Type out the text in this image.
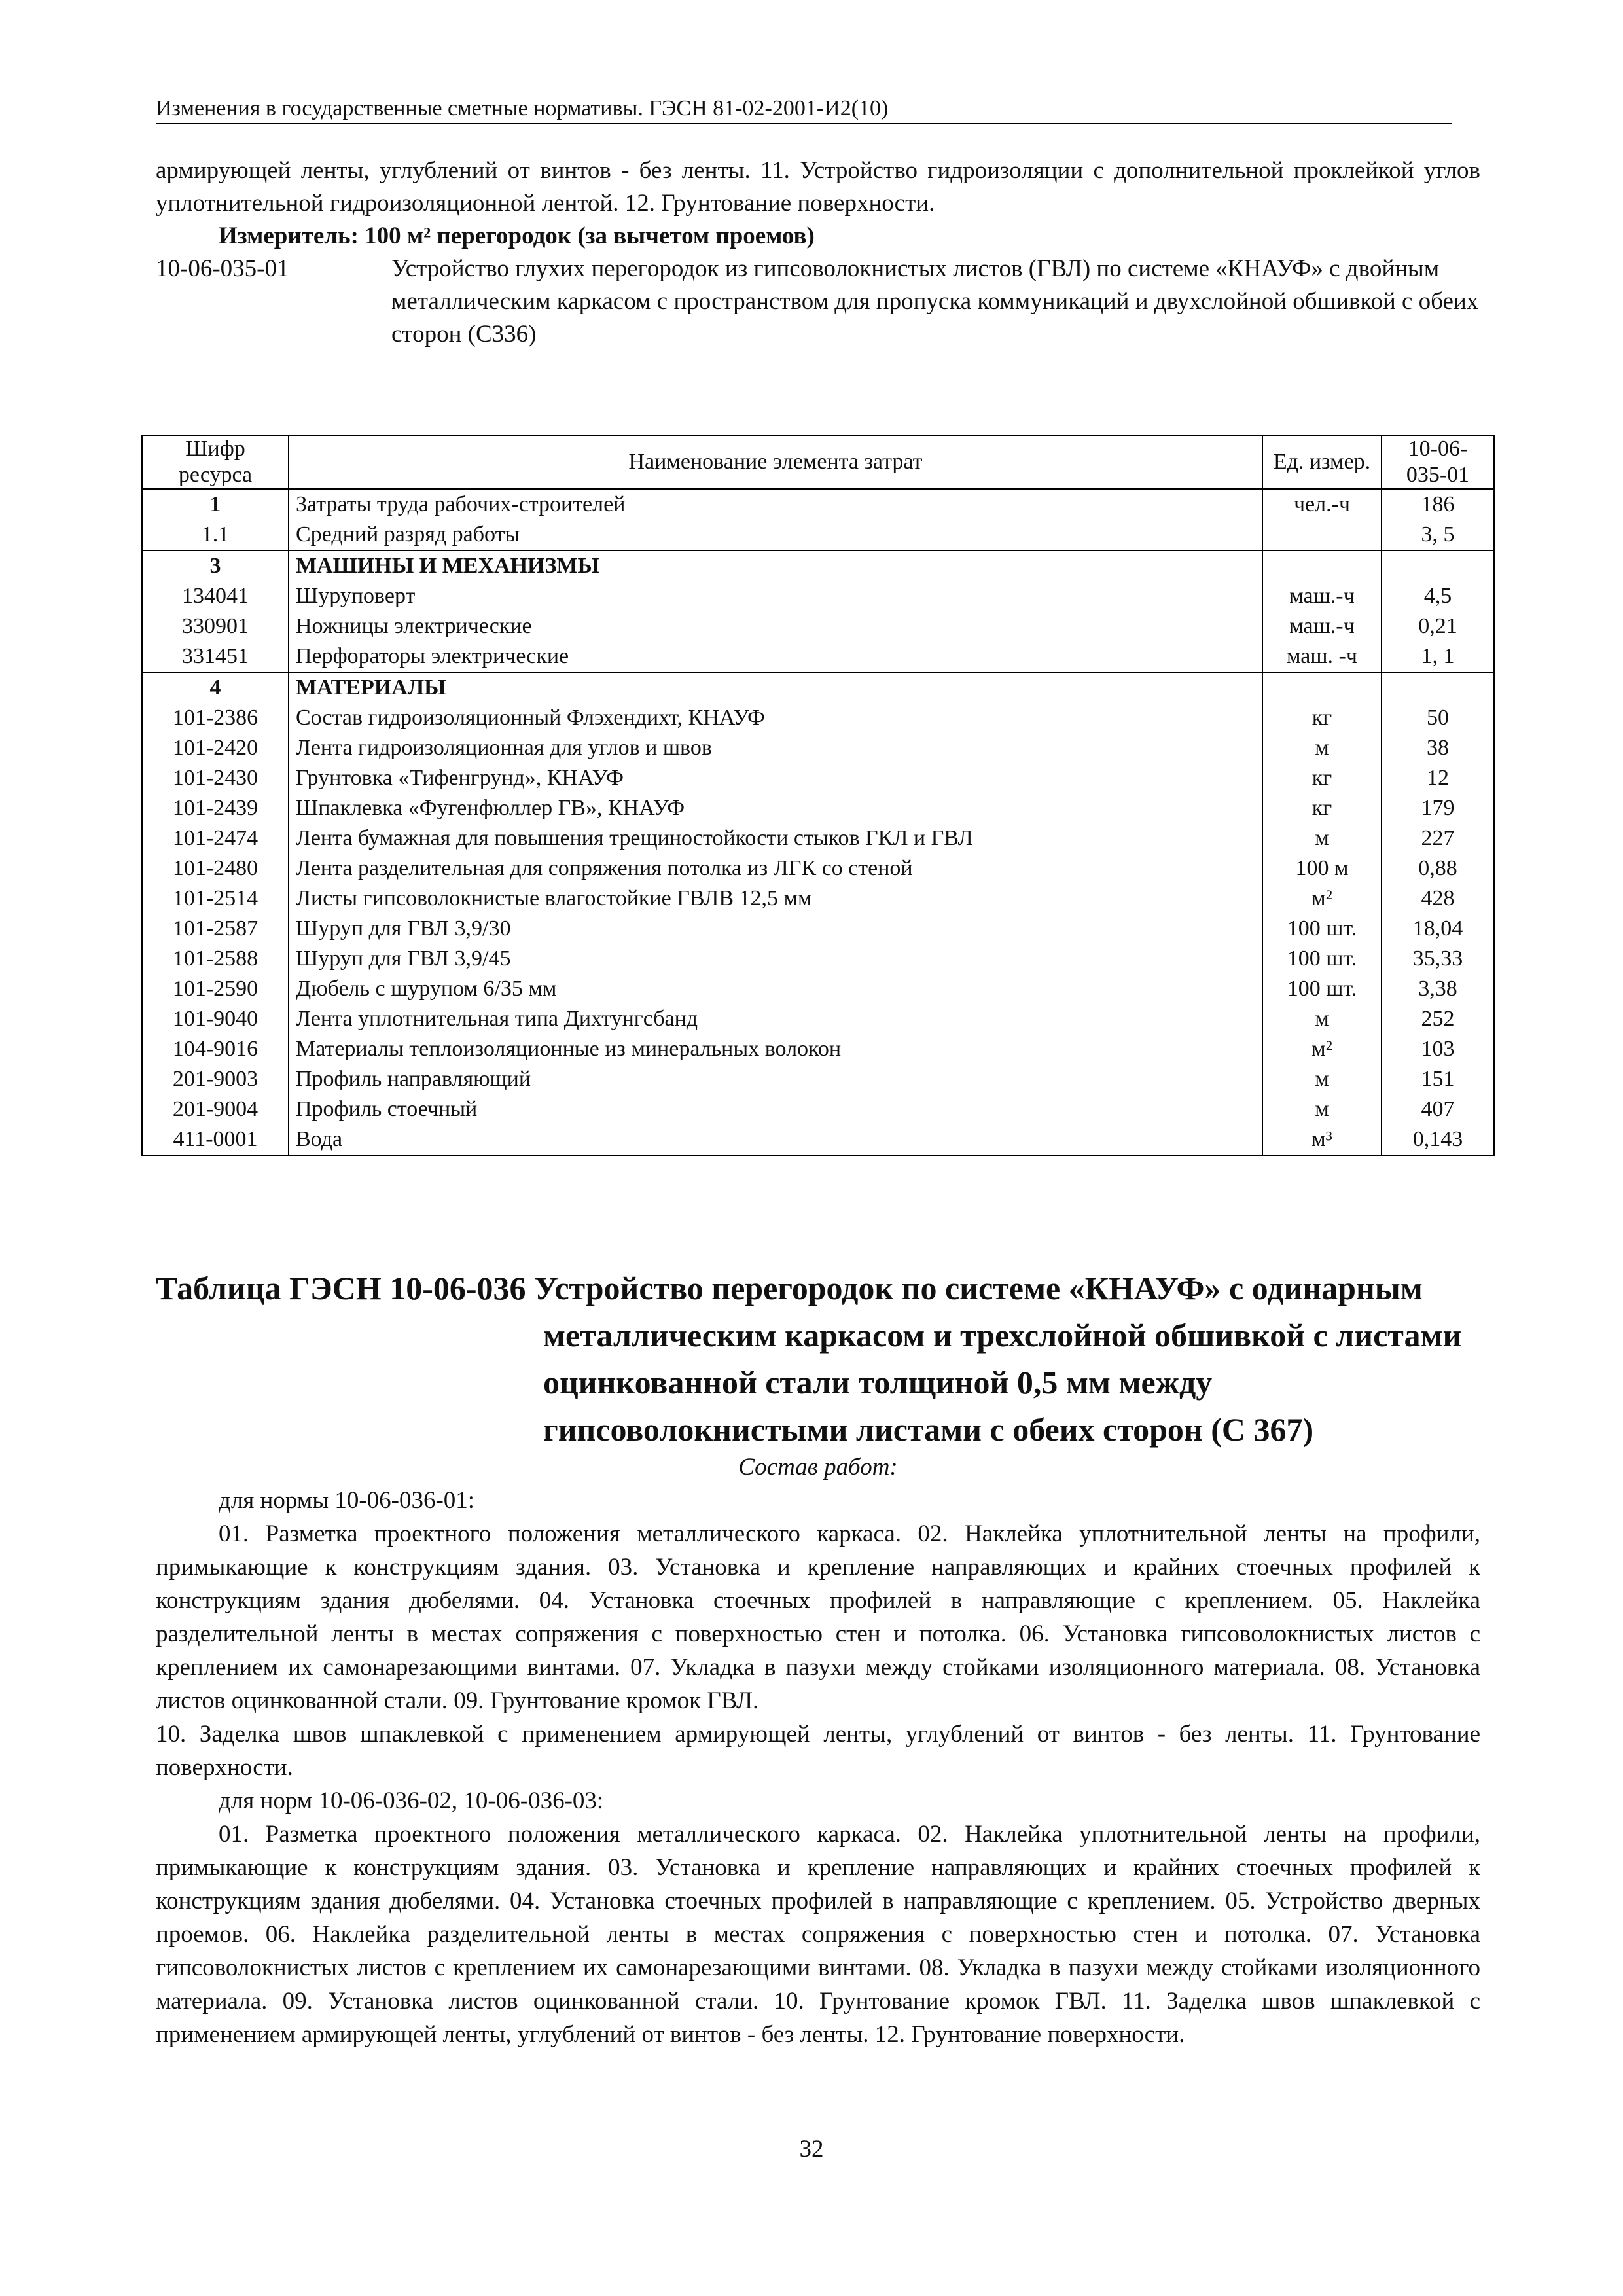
Изменения в государственные сметные нормативы. ГЭСН 81-02-2001-И2(10)

армирующей ленты, углублений от винтов - без ленты. 11. Устройство гидроизоляции с дополнительной проклейкой углов уплотнительной гидроизоляционной лентой. 12. Грунтование поверхности.

Измеритель: 100 м² перегородок (за вычетом проемов)

10-06-035-01	Устройство глухих перегородок из гипсоволокнистых листов (ГВЛ) по системе «КНАУФ» с двойным металлическим каркасом с пространством для пропуска коммуникаций и двухслойной обшивкой с обеих сторон (С336)
Шифр ресурса	Наименование элемента затрат	Ед. измер.	10-06- 035-01
1	Затраты труда рабочих-строителей	чел.-ч	186
1.1	Средний разряд работы		3, 5
3	МАШИНЫ И МЕХАНИЗМЫ		
134041	Шуруповерт	маш.-ч	4,5
330901	Ножницы электрические	маш.-ч	0,21
331451	Перфораторы электрические	маш. -ч	1, 1
4	МАТЕРИАЛЫ		
101-2386	Состав гидроизоляционный Флэхендихт, КНАУФ	кг	50
101-2420	Лента гидроизоляционная для углов и швов	м	38
101-2430	Грунтовка «Тифенгрунд», КНАУФ	кг	12
101-2439	Шпаклевка «Фугенфюллер ГВ», КНАУФ	кг	179
101-2474	Лента бумажная для повышения трещиностойкости стыков ГКЛ и ГВЛ	м	227
101-2480	Лента разделительная для сопряжения потолка из ЛГК со стеной	100 м	0,88
101-2514	Листы гипсоволокнистые влагостойкие ГВЛВ 12,5 мм	м²	428
101-2587	Шуруп для ГВЛ 3,9/30	100 шт.	18,04
101-2588	Шуруп для ГВЛ 3,9/45	100 шт.	35,33
101-2590	Дюбель с шурупом 6/35 мм	100 шт.	3,38
101-9040	Лента уплотнительная типа Дихтунгсбанд	м	252
104-9016	Материалы теплоизоляционные из минеральных волокон	м²	103
201-9003	Профиль направляющий	м	151
201-9004	Профиль стоечный	м	407
411-0001	Вода	м³	0,143
Таблица ГЭСН 10-06-036 Устройство перегородок по системе «КНАУФ» с одинарным
металлическим каркасом и трехслойной обшивкой с листами
оцинкованной стали толщиной 0,5 мм между
гипсоволокнистыми листами с обеих сторон (С 367)

Состав работ:

для нормы 10-06-036-01:

01. Разметка проектного положения металлического каркаса. 02. Наклейка уплотнительной ленты на профили, примыкающие к конструкциям здания. 03. Установка и крепление направляющих и крайних стоечных профилей к конструкциям здания дюбелями. 04. Установка стоечных профилей в направляющие с креплением. 05. Наклейка разделительной ленты в местах сопряжения с поверхностью стен и потолка. 06. Установка гипсоволокнистых листов с креплением их самонарезающими винтами. 07. Укладка в пазухи между стойками изоляционного материала. 08. Установка листов оцинкованной стали. 09. Грунтование кромок ГВЛ.

10. Заделка швов шпаклевкой с применением армирующей ленты, углублений от винтов - без ленты. 11. Грунтование поверхности.

для норм 10-06-036-02, 10-06-036-03:

01. Разметка проектного положения металлического каркаса. 02. Наклейка уплотнительной ленты на профили, примыкающие к конструкциям здания. 03. Установка и крепление направляющих и крайних стоечных профилей к конструкциям здания дюбелями. 04. Установка стоечных профилей в направляющие с креплением. 05. Устройство дверных проемов. 06. Наклейка разделительной ленты в местах сопряжения с поверхностью стен и потолка. 07. Установка гипсоволокнистых листов с креплением их самонарезающими винтами. 08. Укладка в пазухи между стойками изоляционного материала. 09. Установка листов оцинкованной стали. 10. Грунтование кромок ГВЛ. 11. Заделка швов шпаклевкой с применением армирующей ленты, углублений от винтов - без ленты. 12. Грунтование поверхности.

32
